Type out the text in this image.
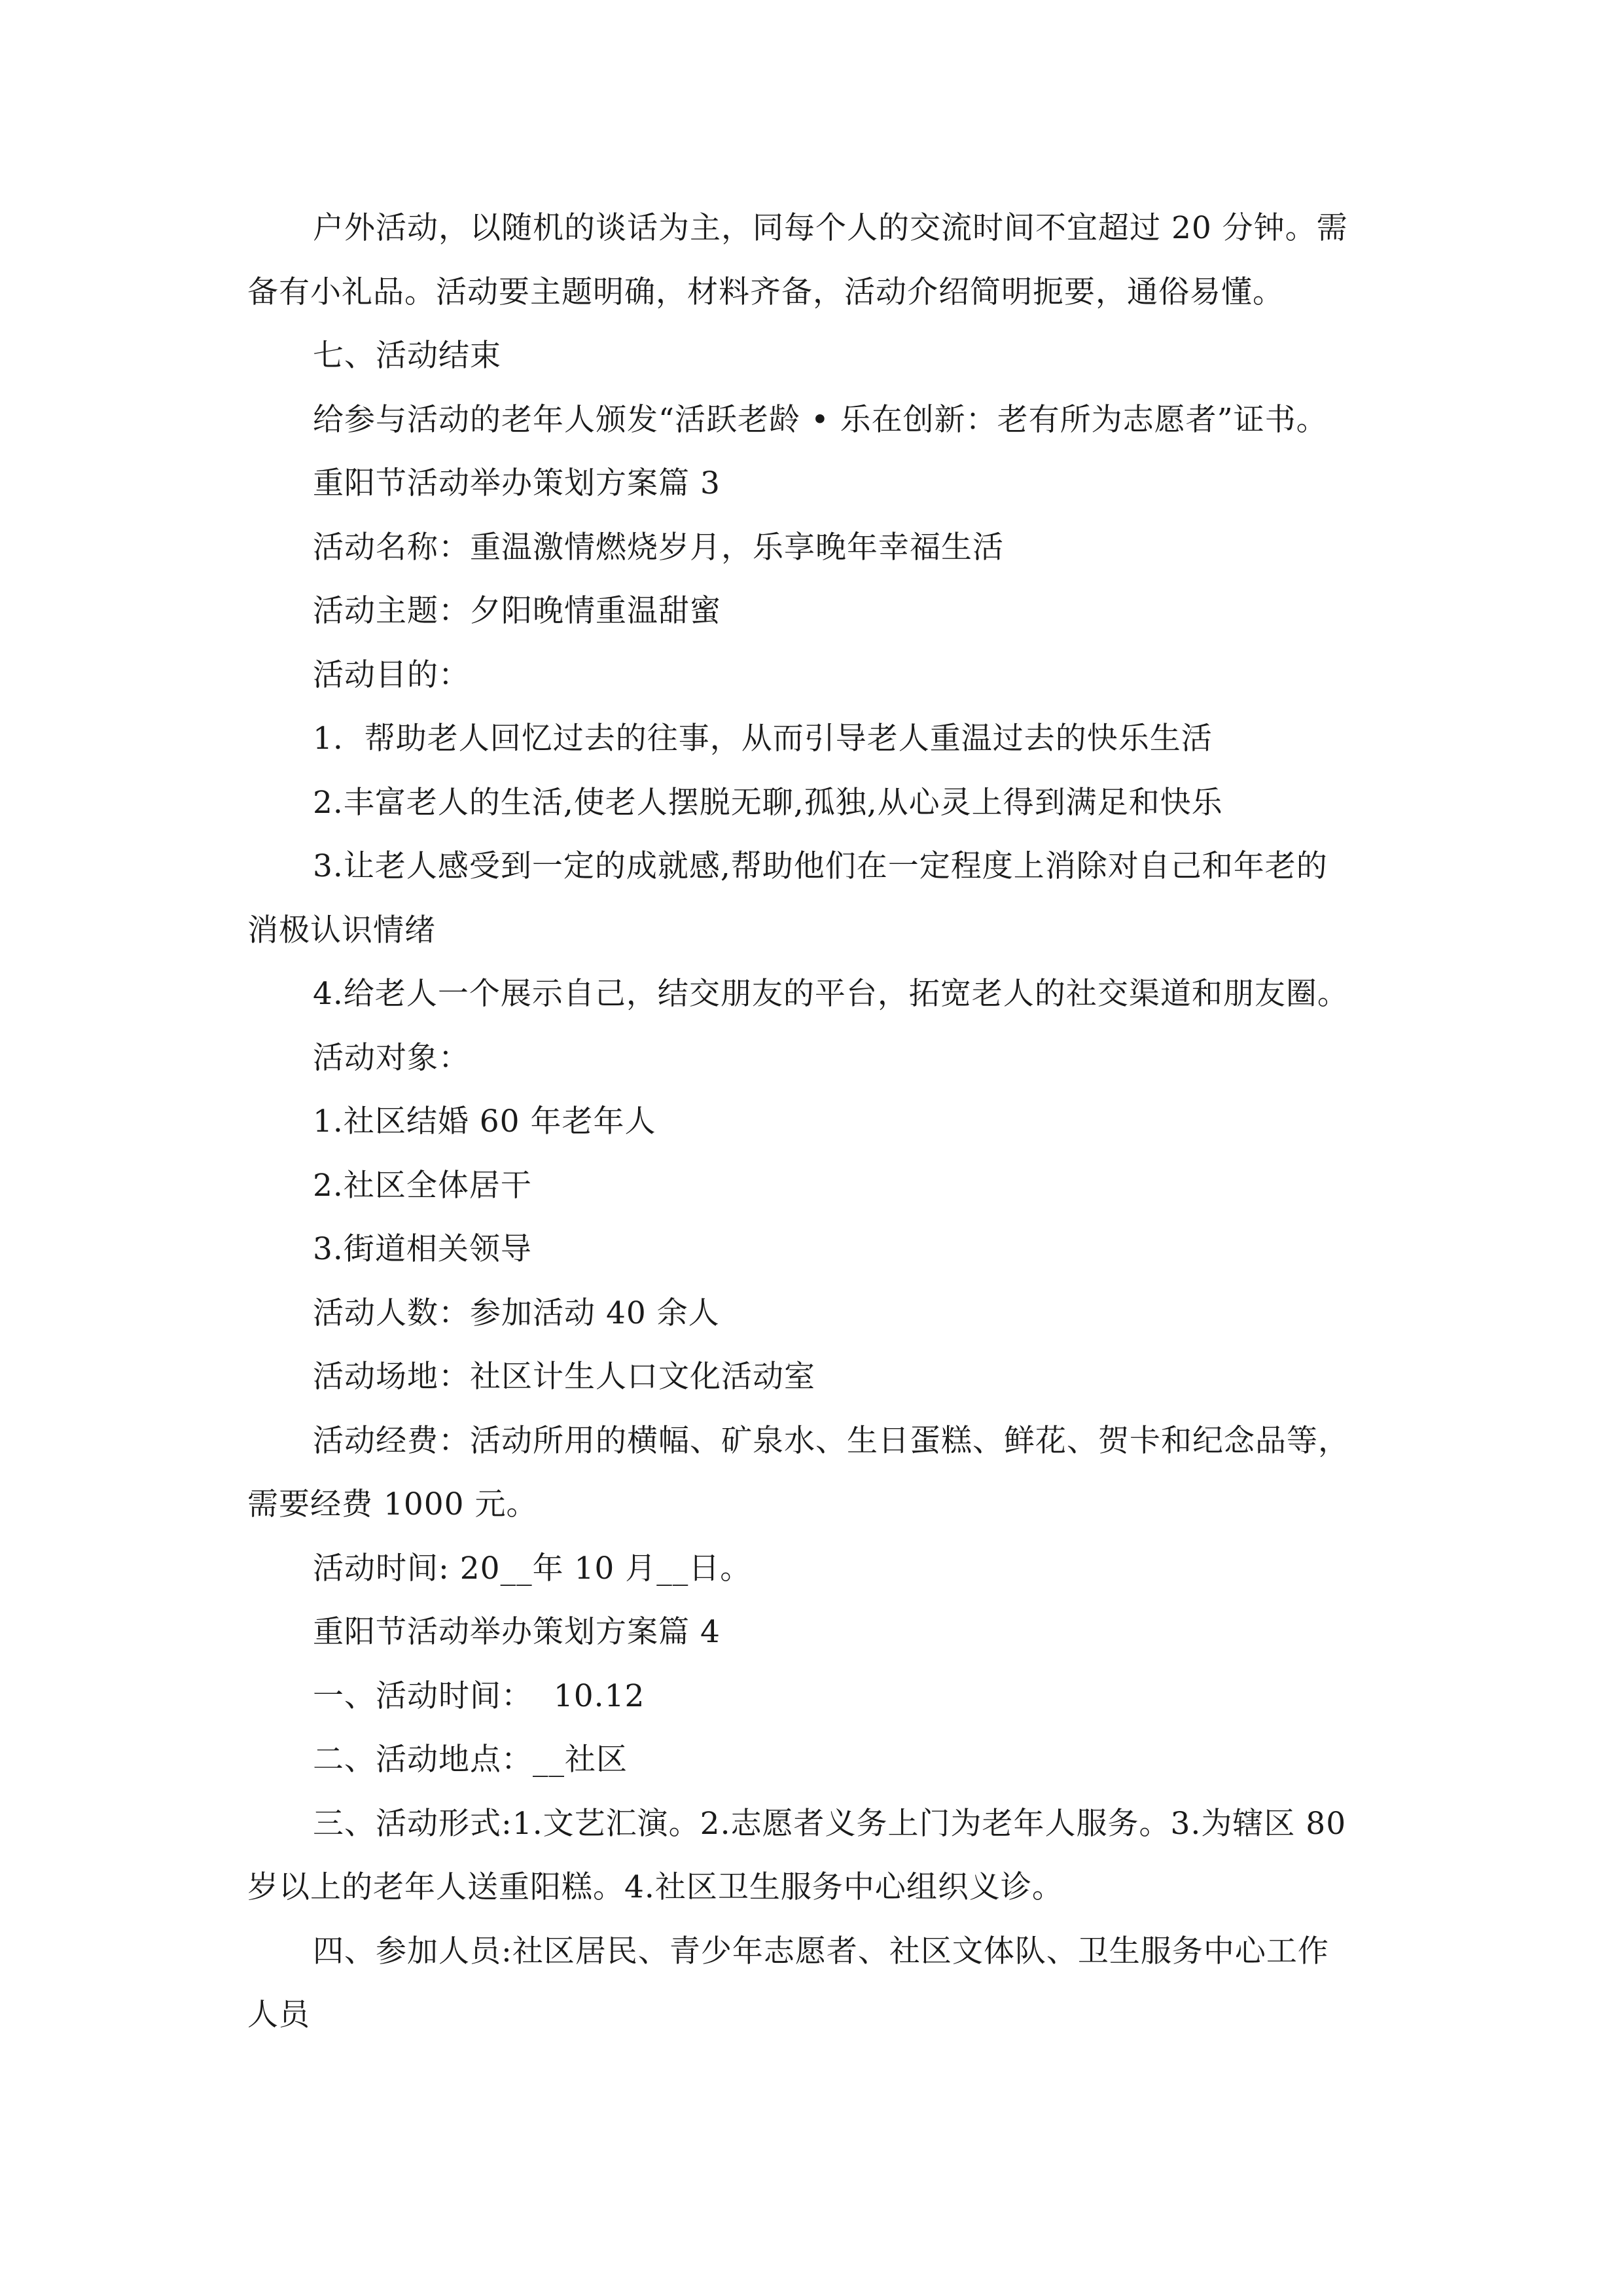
户外活动，以随机的谈话为主，同每个人的交流时间不宜超过 20 分钟。需
备有小礼品。活动要主题明确，材料齐备，活动介绍简明扼要，通俗易懂。
七、活动结束
给参与活动的老年人颁发“活跃老龄 • 乐在创新：老有所为志愿者”证书。
重阳节活动举办策划方案篇 3
活动名称：重温激情燃烧岁月，乐享晚年幸福生活
活动主题：夕阳晚情重温甜蜜
活动目的：
1.  帮助老人回忆过去的往事，从而引导老人重温过去的快乐生活
2.丰富老人的生活,使老人摆脱无聊,孤独,从心灵上得到满足和快乐
3.让老人感受到一定的成就感,帮助他们在一定程度上消除对自己和年老的
消极认识情绪
4.给老人一个展示自己，结交朋友的平台，拓宽老人的社交渠道和朋友圈。
活动对象：
1.社区结婚 60 年老年人
2.社区全体居干
3.街道相关领导
活动人数：参加活动 40 余人
活动场地：社区计生人口文化活动室
活动经费：活动所用的横幅、矿泉水、生日蛋糕、鲜花、贺卡和纪念品等，
需要经费 1000 元。
活动时间: 20__年 10 月__日。
重阳节活动举办策划方案篇 4
一、活动时间：  10.12
二、活动地点：__社区
三、活动形式:1.文艺汇演。2.志愿者义务上门为老年人服务。3.为辖区 80
岁以上的老年人送重阳糕。4.社区卫生服务中心组织义诊。
四、参加人员:社区居民、青少年志愿者、社区文体队、卫生服务中心工作
人员
